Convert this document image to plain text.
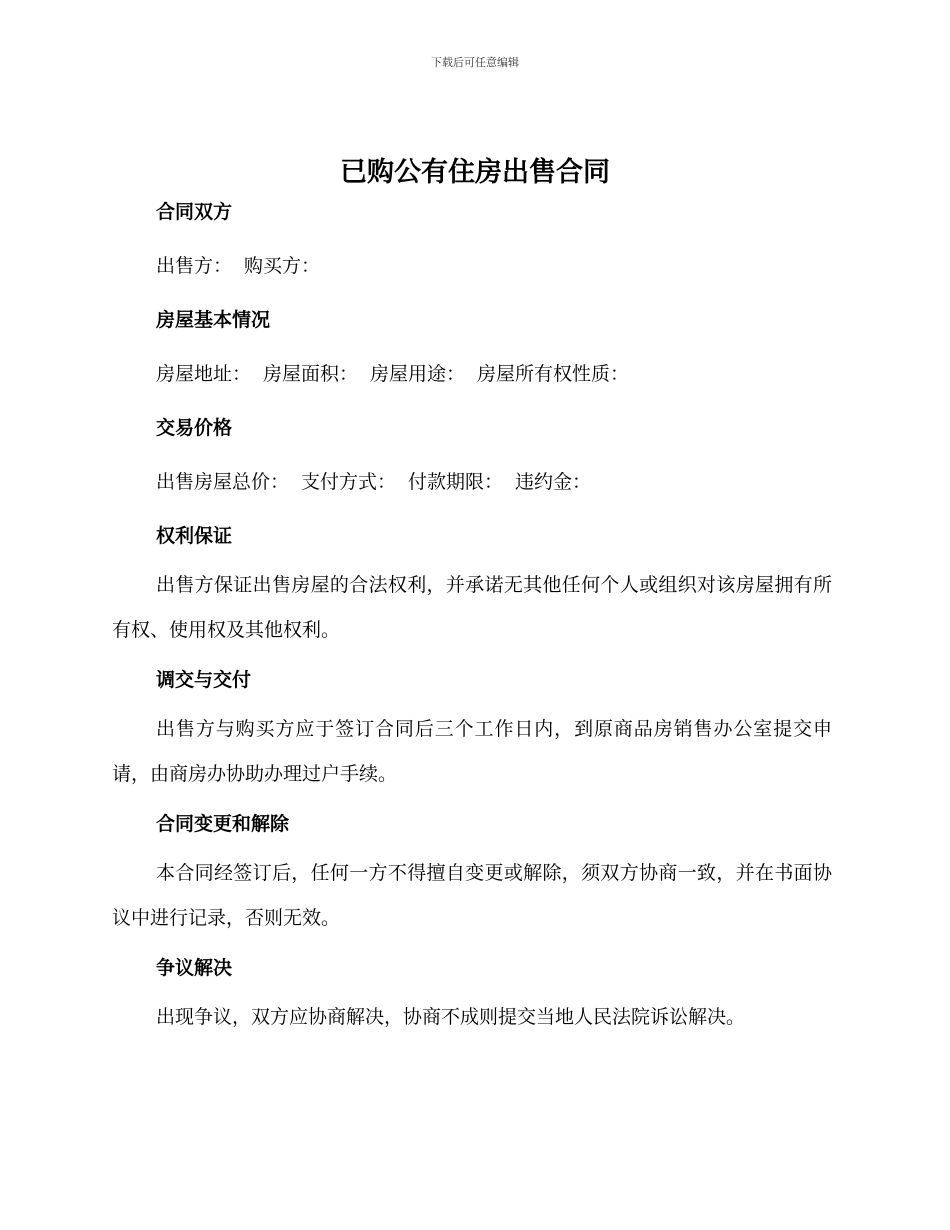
下载后可任意编辑
已购公有住房出售合同
合同双方
出售方： 购买方：
房屋基本情况
房屋地址： 房屋面积： 房屋用途： 房屋所有权性质：
交易价格
出售房屋总价： 支付方式： 付款期限： 违约金：
权利保证
出售方保证出售房屋的合法权利，并承诺无其他任何个人或组织对该房屋拥有所有权、使用权及其他权利。
调交与交付
出售方与购买方应于签订合同后三个工作日内，到原商品房销售办公室提交申请，由商房办协助办理过户手续。
合同变更和解除
本合同经签订后，任何一方不得擅自变更或解除，须双方协商一致，并在书面协议中进行记录，否则无效。
争议解决
出现争议，双方应协商解决，协商不成则提交当地人民法院诉讼解决。
